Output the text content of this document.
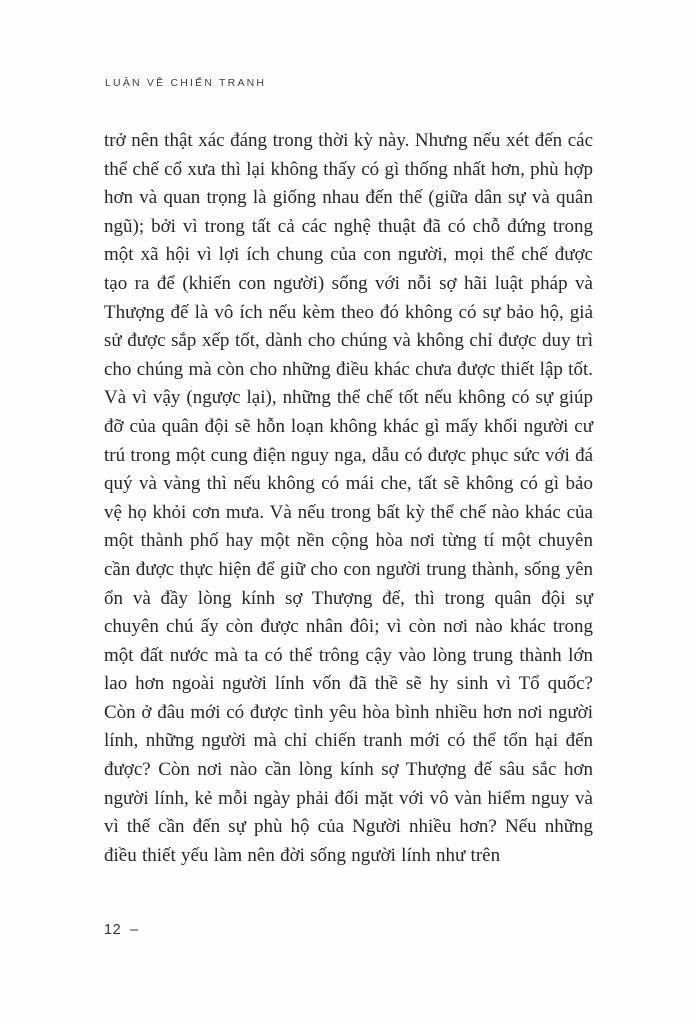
LUẬN VỀ CHIẾN TRANH

trở nên thật xác đáng trong thời kỳ này. Nhưng nếu xét đến các thể chế cổ xưa thì lại không thấy có gì thống nhất hơn, phù hợp hơn và quan trọng là giống nhau đến thế (giữa dân sự và quân ngũ); bởi vì trong tất cả các nghệ thuật đã có chỗ đứng trong một xã hội vì lợi ích chung của con người, mọi thể chế được tạo ra để (khiến con người) sống với nỗi sợ hãi luật pháp và Thượng đế là vô ích nếu kèm theo đó không có sự bảo hộ, giả sử được sắp xếp tốt, dành cho chúng và không chỉ được duy trì cho chúng mà còn cho những điều khác chưa được thiết lập tốt. Và vì vậy (ngược lại), những thể chế tốt nếu không có sự giúp đỡ của quân đội sẽ hỗn loạn không khác gì mấy khối người cư trú trong một cung điện nguy nga, dẫu có được phục sức với đá quý và vàng thì nếu không có mái che, tất sẽ không có gì bảo vệ họ khỏi cơn mưa. Và nếu trong bất kỳ thể chế nào khác của một thành phố hay một nền cộng hòa nơi từng tí một chuyên cần được thực hiện để giữ cho con người trung thành, sống yên ổn và đầy lòng kính sợ Thượng đế, thì trong quân đội sự chuyên chú ấy còn được nhân đôi; vì còn nơi nào khác trong một đất nước mà ta có thể trông cậy vào lòng trung thành lớn lao hơn ngoài người lính vốn đã thề sẽ hy sinh vì Tổ quốc? Còn ở đâu mới có được tình yêu hòa bình nhiều hơn nơi người lính, những người mà chỉ chiến tranh mới có thể tổn hại đến được? Còn nơi nào cần lòng kính sợ Thượng đế sâu sắc hơn người lính, kẻ mỗi ngày phải đối mặt với vô vàn hiểm nguy và vì thế cần đến sự phù hộ của Người nhiều hơn? Nếu những điều thiết yếu làm nên đời sống người lính như trên

12 –
